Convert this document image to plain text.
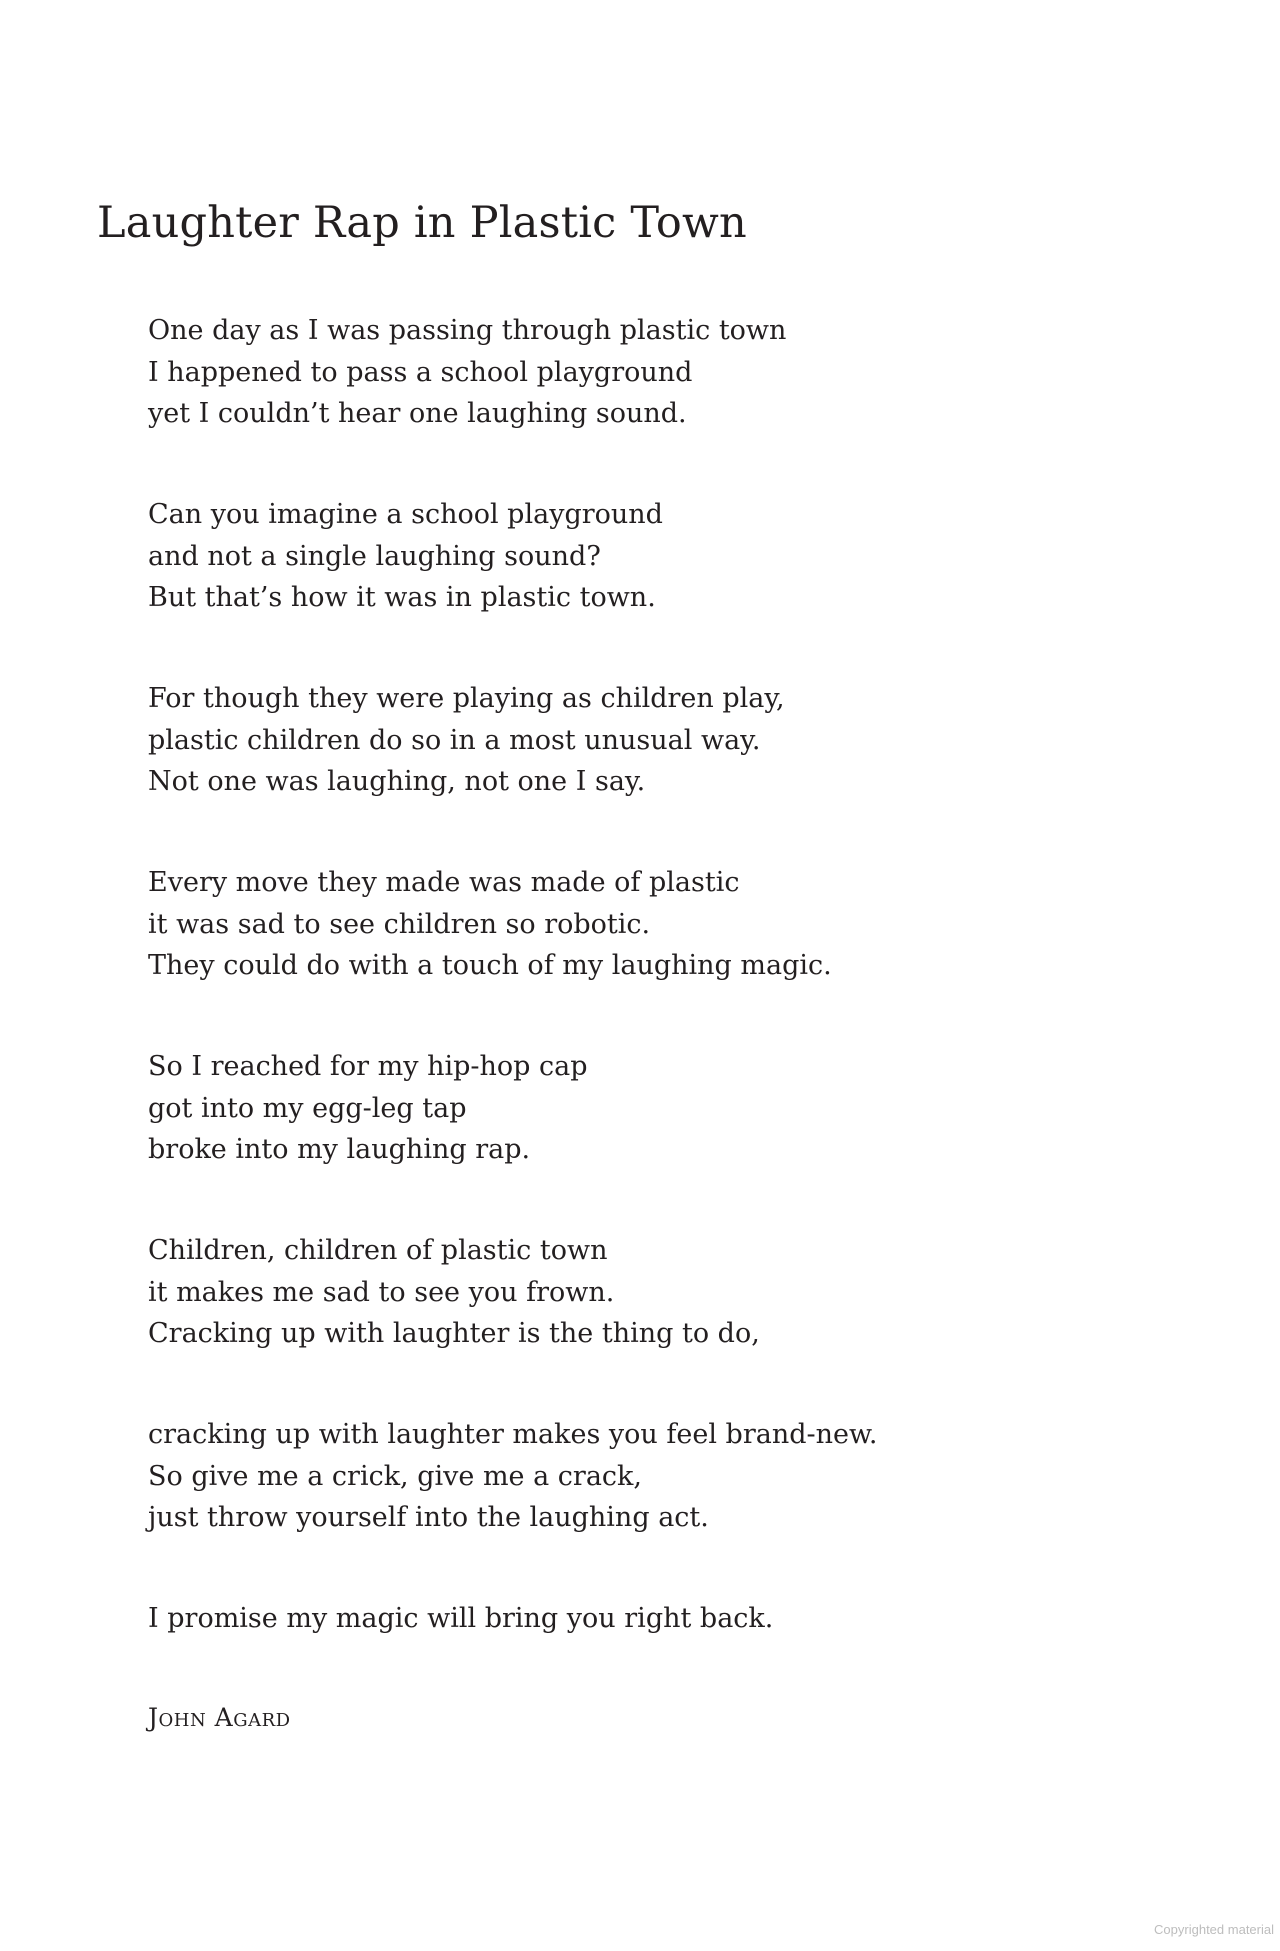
Laughter Rap in Plastic Town
One day as I was passing through plastic town
I happened to pass a school playground
yet I couldn’t hear one laughing sound.
Can you imagine a school playground
and not a single laughing sound?
But that’s how it was in plastic town.
For though they were playing as children play,
plastic children do so in a most unusual way.
Not one was laughing, not one I say.
Every move they made was made of plastic
it was sad to see children so robotic.
They could do with a touch of my laughing magic.
So I reached for my hip-hop cap
got into my egg-leg tap
broke into my laughing rap.
Children, children of plastic town
it makes me sad to see you frown.
Cracking up with laughter is the thing to do,
cracking up with laughter makes you feel brand-new.
So give me a crick, give me a crack,
just throw yourself into the laughing act.
I promise my magic will bring you right back.
John Agard
Copyrighted material
